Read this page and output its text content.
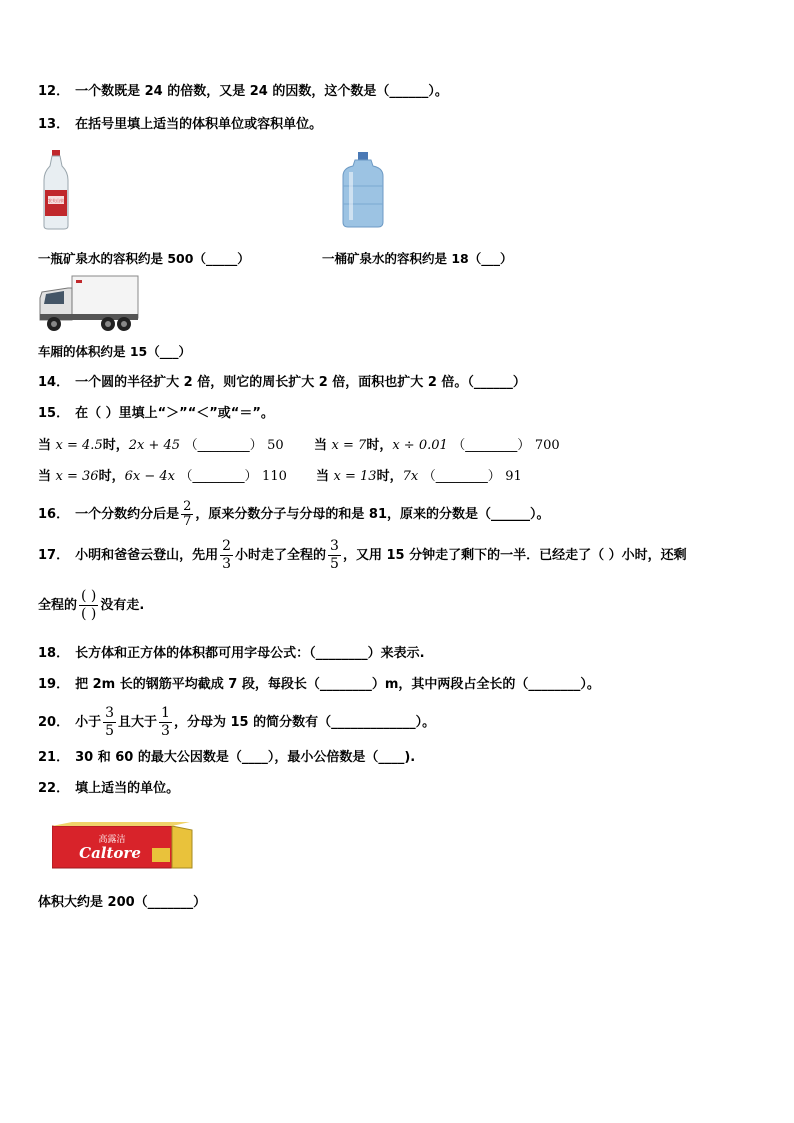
12． 一个数既是 24 的倍数，又是 24 的因数，这个数是（______）。
13． 在括号里填上适当的体积单位或容积单位。
农夫山泉
一瓶矿泉水的容积约是 500（_____）	一桶矿泉水的容积约是 18（___）
车厢的体积约是 15（___）
14． 一个圆的半径扩大 2 倍，则它的周长扩大 2 倍，面积也扩大 2 倍。（______）
15． 在（ ）里填上“＞”“＜”或“＝”。
当 x = 4.5时，2x + 45 （________） 50 当 x = 7时，x ÷ 0.01 （________） 700
当 x = 36时，6x − 4x （________） 110 当 x = 13时，7x （________） 91
16． 一个分数约分后是 $\frac{2}{7}$ ，原来分数分子与分母的和是 81，原来的分数是（______）。
17． 小明和爸爸云登山，先用 $\frac{2}{3}$ 小时走了全程的 $\frac{3}{5}$ ，又用 15 分钟走了剩下的一半．已经走了（ ）小时，还剩
全程的 $\frac{( )}{( )}$ 没有走.
18． 长方体和正方体的体积都可用字母公式：（________）来表示.
19． 把 2m 长的钢筋平均截成 7 段，每段长（________）m，其中两段占全长的（________）。
20． 小于 $\frac{3}{5}$ 且大于 $\frac{1}{3}$ ，分母为 15 的简分数有（_____________）。
21． 30 和 60 的最大公因数是（____），最小公倍数是（____).
22． 填上适当的单位。
高露洁
Caltore
体积大约是 200（_______）
